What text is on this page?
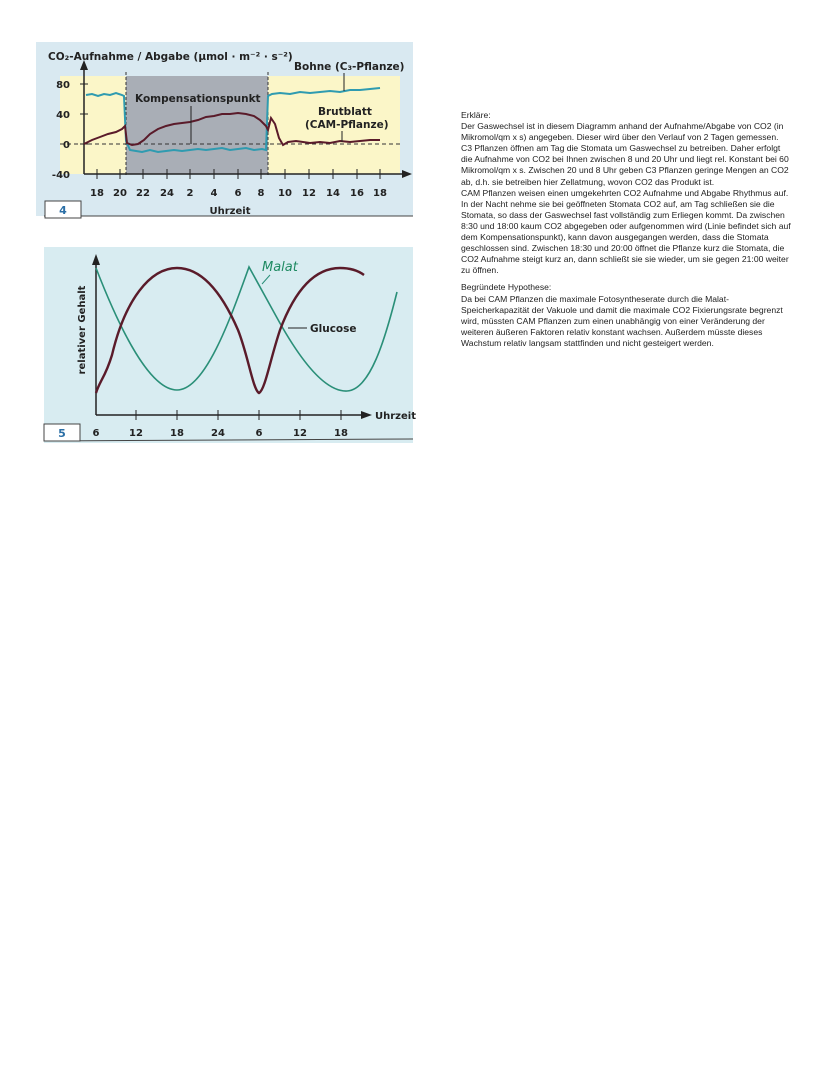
80
40
0
-40
18 20 22 24 2 4 6 8 10 12 14 16 18
Uhrzeit
CO₂-Aufnahme / Abgabe (µmol · m⁻² · s⁻²)
Kompensationspunkt
Bohne (C₃-Pflanze)
Brutblatt
(CAM-Pflanze)
4
6	12	18	24	6	12	18
Uhrzeit
relativer Gehalt	Glucose
Malat
5
Erkläre:

Der Gaswechsel ist in diesem Diagramm anhand der Aufnahme/Abgabe von CO2 (in Mikromol/qm x s) angegeben. Dieser wird über den Verlauf von 2 Tagen gemessen.

C3 Pflanzen öffnen am Tag die Stomata um Gaswechsel zu betreiben. Daher erfolgt die Aufnahme von CO2 bei Ihnen zwischen 8 und 20 Uhr und liegt rel. Konstant bei 60 Mikromol/qm x s. Zwischen 20 und 8 Uhr geben C3 Pflanzen geringe Mengen an CO2 ab, d.h. sie betreiben hier Zellatmung, wovon CO2 das Produkt ist.

CAM Pflanzen weisen einen umgekehrten CO2 Aufnahme und Abgabe Rhythmus auf. In der Nacht nehme sie bei geöffneten Stomata CO2 auf, am Tag schließen sie die Stomata, so dass der Gaswechsel fast vollständig zum Erliegen kommt. Da zwischen 8:30 und 18:00 kaum CO2 abgegeben oder aufgenommen wird (Linie befindet sich auf dem Kompensationspunkt), kann davon ausgegangen werden, dass die Stomata geschlossen sind. Zwischen 18:30 und 20:00 öffnet die Pflanze kurz die Stomata, die CO2 Aufnahme steigt kurz an, dann schließt sie sie wieder, um sie gegen 21:00 weiter zu öffnen.

Begründete Hypothese:

Da bei CAM Pflanzen die maximale Fotosyntheserate durch die Malat-Speicherkapazität der Vakuole und damit die maximale CO2 Fixierungsrate begrenzt wird, müssten CAM Pflanzen zum einen unabhängig von einer Veränderung der weiteren äußeren Faktoren relativ konstant wachsen. Außerdem müsste dieses Wachstum relativ langsam stattfinden und nicht gesteigert werden.
